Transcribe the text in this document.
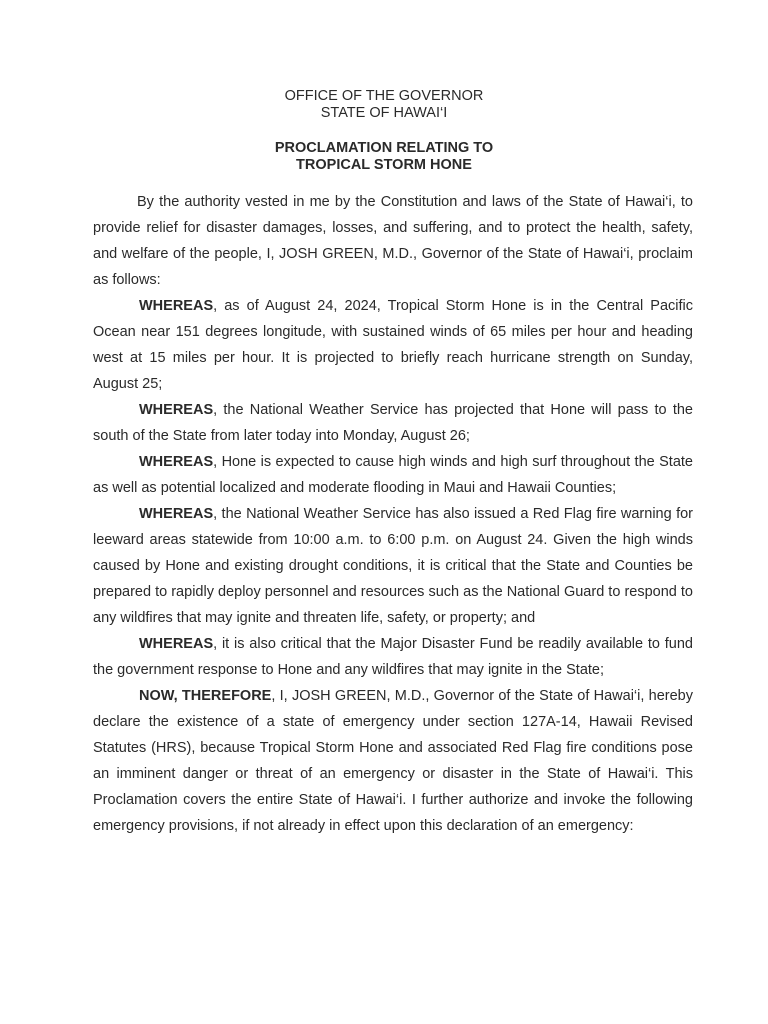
OFFICE OF THE GOVERNOR
STATE OF HAWAI‘I
PROCLAMATION RELATING TO
TROPICAL STORM HONE

By the authority vested in me by the Constitution and laws of the State of Hawai‘i, to provide relief for disaster damages, losses, and suffering, and to protect the health, safety, and welfare of the people, I, JOSH GREEN, M.D., Governor of the State of Hawai‘i, proclaim as follows:

WHEREAS, as of August 24, 2024, Tropical Storm Hone is in the Central Pacific Ocean near 151 degrees longitude, with sustained winds of 65 miles per hour and heading west at 15 miles per hour. It is projected to briefly reach hurricane strength on Sunday, August 25;

WHEREAS, the National Weather Service has projected that Hone will pass to the south of the State from later today into Monday, August 26;

WHEREAS, Hone is expected to cause high winds and high surf throughout the State as well as potential localized and moderate flooding in Maui and Hawaii Counties;

WHEREAS, the National Weather Service has also issued a Red Flag fire warning for leeward areas statewide from 10:00 a.m. to 6:00 p.m. on August 24. Given the high winds caused by Hone and existing drought conditions, it is critical that the State and Counties be prepared to rapidly deploy personnel and resources such as the National Guard to respond to any wildfires that may ignite and threaten life, safety, or property; and

WHEREAS, it is also critical that the Major Disaster Fund be readily available to fund the government response to Hone and any wildfires that may ignite in the State;

NOW, THEREFORE, I, JOSH GREEN, M.D., Governor of the State of Hawai‘i, hereby declare the existence of a state of emergency under section 127A-14, Hawaii Revised Statutes (HRS), because Tropical Storm Hone and associated Red Flag fire conditions pose an imminent danger or threat of an emergency or disaster in the State of Hawai‘i. This Proclamation covers the entire State of Hawai‘i. I further authorize and invoke the following emergency provisions, if not already in effect upon this declaration of an emergency:
